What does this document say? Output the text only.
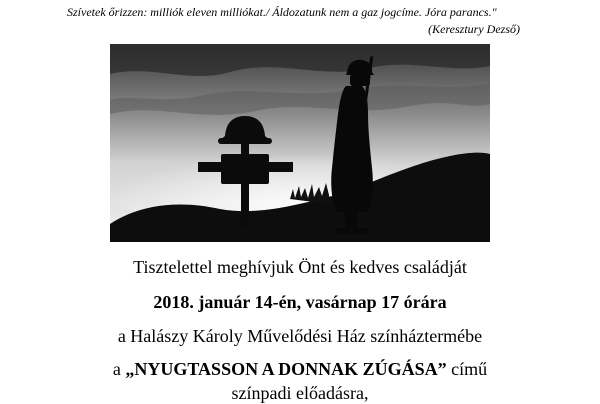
Szívetek őrizzen: milliók eleven milliókat./ Áldozatunk nem a gaz jogcíme. Jóra parancs."

(Keresztury Dezső)

Tisztelettel meghívjuk Önt és kedves családját

2018. január 14-én, vasárnap 17 órára

a Halászy Károly Művelődési Ház színháztermébe

a „NYUGTASSON A DONNAK ZÚGÁSA” című

színpadi előadásra,
